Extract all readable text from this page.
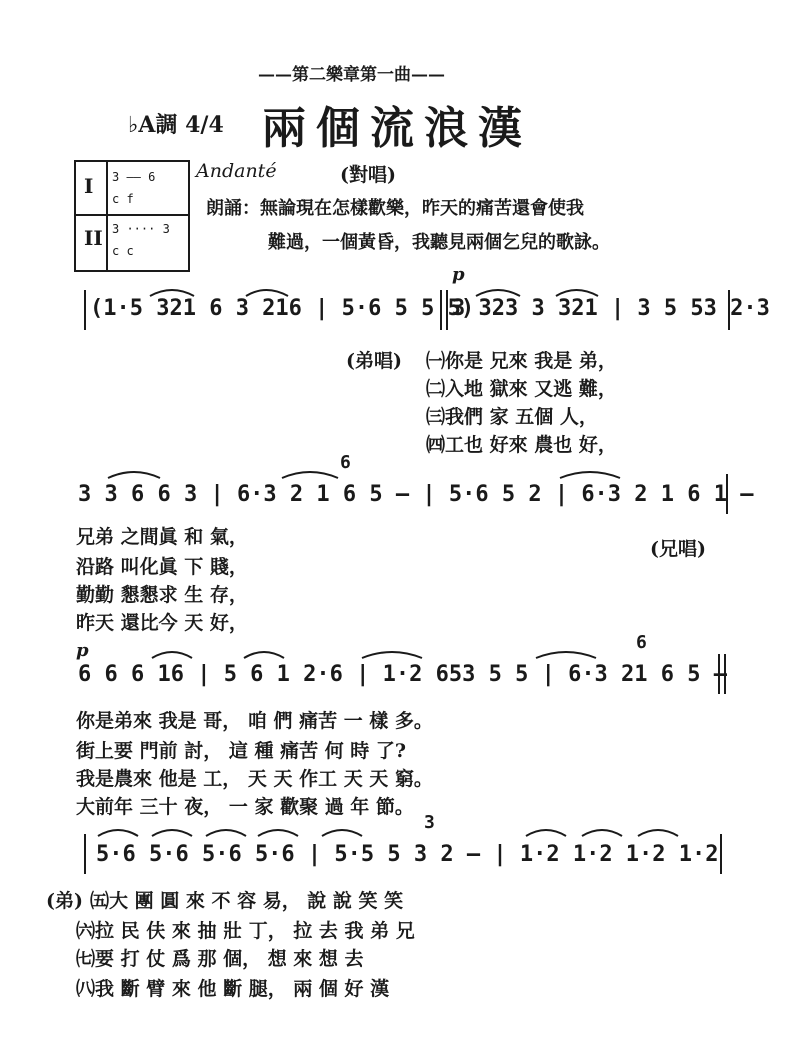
——第二樂章第一曲——
♭A調 4/4 兩個流浪漢
I
II
3 —— 6
c f
3 ···· 3
c c
Andanté	(對唱)
朗誦：無論現在怎樣歡樂，昨天的痛苦還會使我
難過，一個黃昏，我聽見兩個乞兒的歌詠。
(1·5 321 6 3 216 | 5·6 5 5 5)
p
3 323 3 321 | 3 5 53 2·3
(弟唱) ㈠你是 兄來 我是 弟，
㈡入地 獄來 又逃 難，
㈢我們 家 五個 人，
㈣工也 好來 農也 好，
6
3 3 6 6 3 | 6·3 2 1 6 5 — | 5·6 5 2 | 6·3 2 1 6 1 —
(兄唱)
兄弟 之間眞 和 氣，
沿路 叫化眞 下 賤，
勤勤 懇懇求 生 存，
昨天 還比今 天 好，
p	6
6 6 6 16 | 5 6 1 2·6 | 1·2 653 5 5 | 6·3 21 6 5 —
你是弟來 我是 哥， 咱 們 痛苦 一 樣 多。
街上要 門前 討， 這 種 痛苦 何 時 了?
我是農來 他是 工， 天 天 作工 天 天 窮。
大前年 三十 夜， 一 家 歡聚 過 年 節。
3
5·6 5·6 5·6 5·6 | 5·5 5 3 2 — | 1·2 1·2 1·2 1·2
(弟) ㈤大 團 圓 來 不 容 易， 說 說 笑 笑
㈥拉 民 伕 來 抽 壯 丁， 拉 去 我 弟 兄
㈦要 打 仗 爲 那 個， 想 來 想 去
㈧我 斷 臂 來 他 斷 腿， 兩 個 好 漢
